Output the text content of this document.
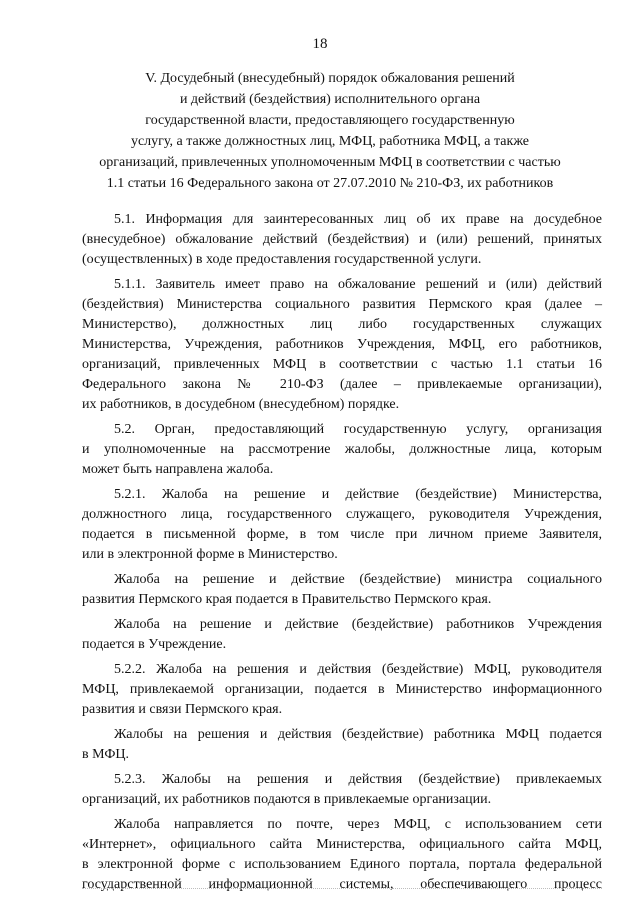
18
V. Досудебный (внесудебный) порядок обжалования решений
и действий (бездействия) исполнительного органа
государственной власти, предоставляющего государственную
услугу, а также должностных лиц, МФЦ, работника МФЦ, а также
организаций, привлеченных уполномоченным МФЦ в соответствии с частью
1.1 статьи 16 Федерального закона от 27.07.2010 № 210-ФЗ, их работников
5.1. Информация для заинтересованных лиц об их праве на досудебное
(внесудебное) обжалование действий (бездействия) и (или) решений, принятых
(осуществленных) в ходе предоставления государственной услуги.
5.1.1. Заявитель имеет право на обжалование решений и (или) действий
(бездействия) Министерства социального развития Пермского края (далее –
Министерство), должностных лиц либо государственных служащих
Министерства, Учреждения, работников Учреждения, МФЦ, его работников,
организаций, привлеченных МФЦ в соответствии с частью 1.1 статьи 16
Федерального закона № 210-ФЗ (далее – привлекаемые организации),
их работников, в досудебном (внесудебном) порядке.
5.2. Орган, предоставляющий государственную услугу, организация
и уполномоченные на рассмотрение жалобы, должностные лица, которым
может быть направлена жалоба.
5.2.1. Жалоба на решение и действие (бездействие) Министерства,
должностного лица, государственного служащего, руководителя Учреждения,
подается в письменной форме, в том числе при личном приеме Заявителя,
или в электронной форме в Министерство.
Жалоба на решение и действие (бездействие) министра социального
развития Пермского края подается в Правительство Пермского края.
Жалоба на решение и действие (бездействие) работников Учреждения
подается в Учреждение.
5.2.2. Жалоба на решения и действия (бездействие) МФЦ, руководителя
МФЦ, привлекаемой организации, подается в Министерство информационного
развития и связи Пермского края.
Жалобы на решения и действия (бездействие) работника МФЦ подается
в МФЦ.
5.2.3. Жалобы на решения и действия (бездействие) привлекаемых
организаций, их работников подаются в привлекаемые организации.
Жалоба направляется по почте, через МФЦ, с использованием сети
«Интернет», официального сайта Министерства, официального сайта МФЦ,
в электронной форме с использованием Единого портала, портала федеральной
государственной информационной системы, обеспечивающего процесс
